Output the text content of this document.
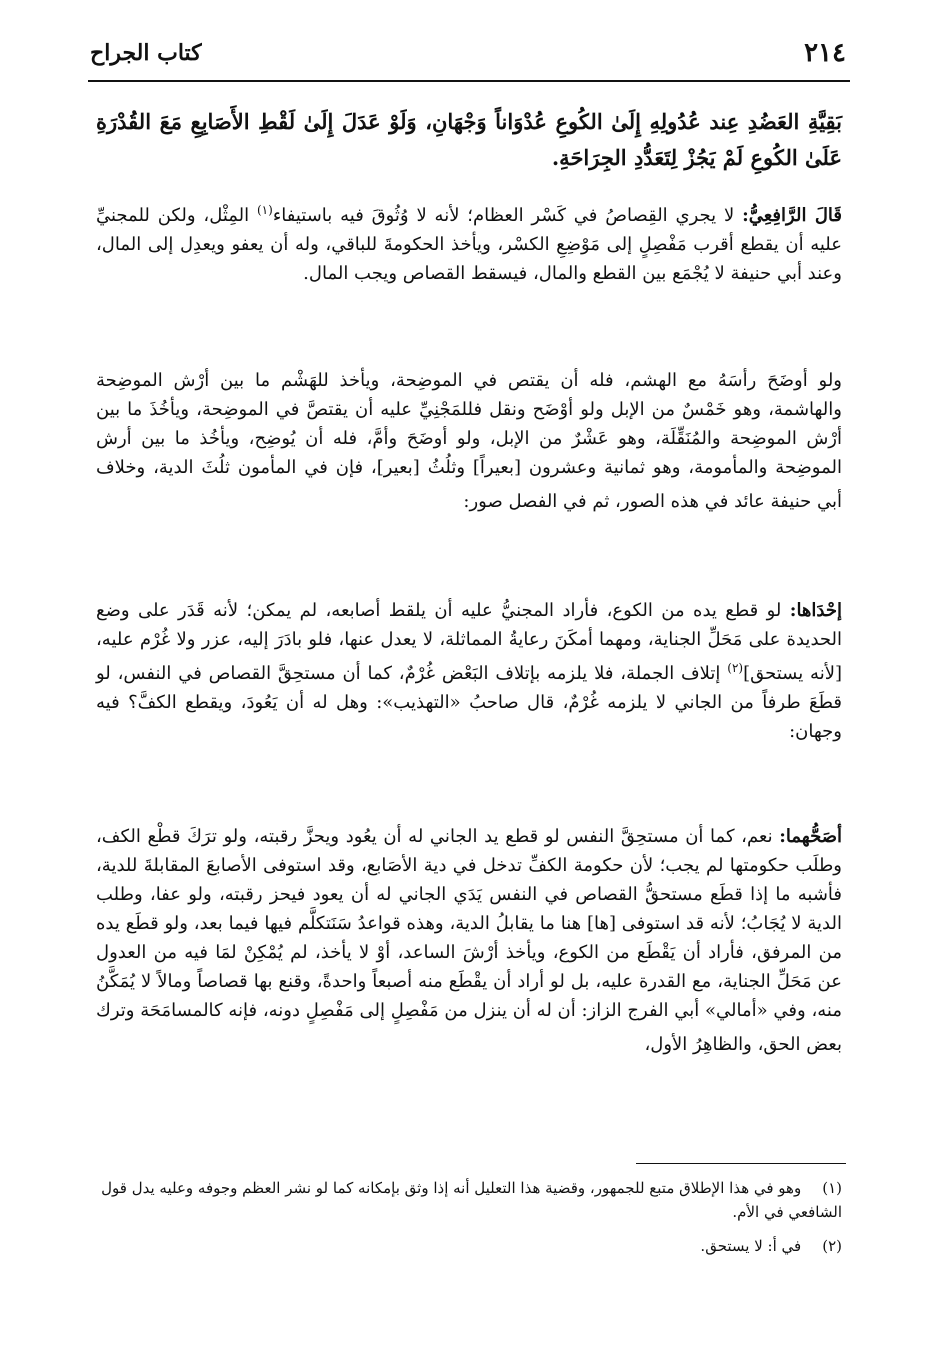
٢١٤
كتاب الجراح

بَقِيَّةِ العَضُدِ عِند عُدُولِهِ إِلَىٰ الكُوعِ عُدْوَاناً وَجْهَانِ، وَلَوْ عَدَلَ إِلَىٰ لَقْطِ الأَصَابِعِ مَعَ القُدْرَةِ عَلَىٰ الكُوعِ لَمْ يَجُزْ لِتَعَدُّدِ الجِرَاحَةِ.

قَالَ الرَّافِعِيُّ: لا يجري القِصاصُ في كَسْر العظام؛ لأنه لا وُثُوقَ فيه باستيفاء$^{(١)}$ المِثْل، ولكن للمجنيِّ عليه أن يقطع أقرب مَفْصِلٍ إلى مَوْضِعِ الكسْر، ويأخذ الحكومةَ للباقي، وله أن يعفو ويعدِل إلى المال، وعند أبي حنيفة لا يُجْمَع بين القطع والمال، فيسقط القصاص ويجب المال.

ولو أوضَحَ رأسَهُ مع الهشم، فله أن يقتص في الموضِحة، ويأخذ للهَشْم ما بين أرْش الموضِحة والهاشمة، وهو خَمْسٌ من الإبل ولو أوْضَح ونقل فللمَجْنِيِّ عليه أن يقتصَّ في الموضِحة، ويأخُذَ ما بين أرْش الموضِحة والمُنَقِّلَة، وهو عَشْرٌ من الإبل، ولو أوضَحَ وأمَّ، فله أن يُوضِح، ويأخُذ ما بين أرش الموضِحة والمأمومة، وهو ثمانية وعشرون [بعيراً] وثلُثُ [بعير]، فإن في المأمون ثلُثَ الدية، وخلاف أبي حنيفة عائد في هذه الصور، ثم في الفصل صور:

إحْدَاها: لو قطع يده من الكوع، فأراد المجنيُّ عليه أن يلقط أصابعه، لم يمكن؛ لأنه قَدَر على وضع الحديدة على مَحَلِّ الجناية، ومهما أمكَنَ رعايةُ المماثلة، لا يعدل عنها، فلو بادَرَ إليه، عزر ولا غُرْم عليه، [لأنه يستحق]$^{(٢)}$ إتلاف الجملة، فلا يلزمه بإتلاف البَعْض غُرْمٌ، كما أن مستحِقَّ القصاص في النفس، لو قطَعَ طرفاً من الجاني لا يلزمه غُرْمٌ، قال صاحبُ «التهذيب»: وهل له أن يَعُودَ، ويقطع الكفَّ؟ فيه وجهان:

أصَحُّهما: نعم، كما أن مستحِقَّ النفس لو قطع يد الجاني له أن يعُود ويحزَّ رقبته، ولو ترَكَ قطْع الكف، وطلَب حكومتها لم يجب؛ لأن حكومة الكفِّ تدخل في دية الأصَابع، وقد استوفى الأصابعَ المقابلةَ للدية، فأشبه ما إذا قطَع مستحقُّ القصاص في النفس يَدَي الجاني له أن يعود فيحز رقبته، ولو عفا، وطلب الدية لا يُجَابُ؛ لأنه قد استوفى [ها] هنا ما يقابلُ الدية، وهذه قواعدُ سَنَتكلَّم فيها فيما بعد، ولو قطَع يده من المرفق، فأراد أن يَقْطَع من الكوع، ويأخذ أرْشَ الساعد، أوْ لا يأخذ، لم يُمْكِنْ لمَا فيه من العدول عن مَحَلِّ الجناية، مع القدرة عليه، بل لو أراد أن يقْطَع منه أصبعاً واحدةً، وقنع بها قصاصاً ومالاً لا يُمَكَّنُ منه، وفي «أمالي» أبي الفرج الزاز: أن له أن ينزل من مَفْصِلٍ إلى مَفْصِلٍ دونه، فإنه كالمسامَحَة وترك بعض الحق، والظاهِرُ الأول،

(١) وهو في هذا الإطلاق متبع للجمهور، وقضية هذا التعليل أنه إذا وثق بإمكانه كما لو نشر العظم وجوفه وعليه يدل قول الشافعي في الأم.

(٢) في أ: لا يستحق.
